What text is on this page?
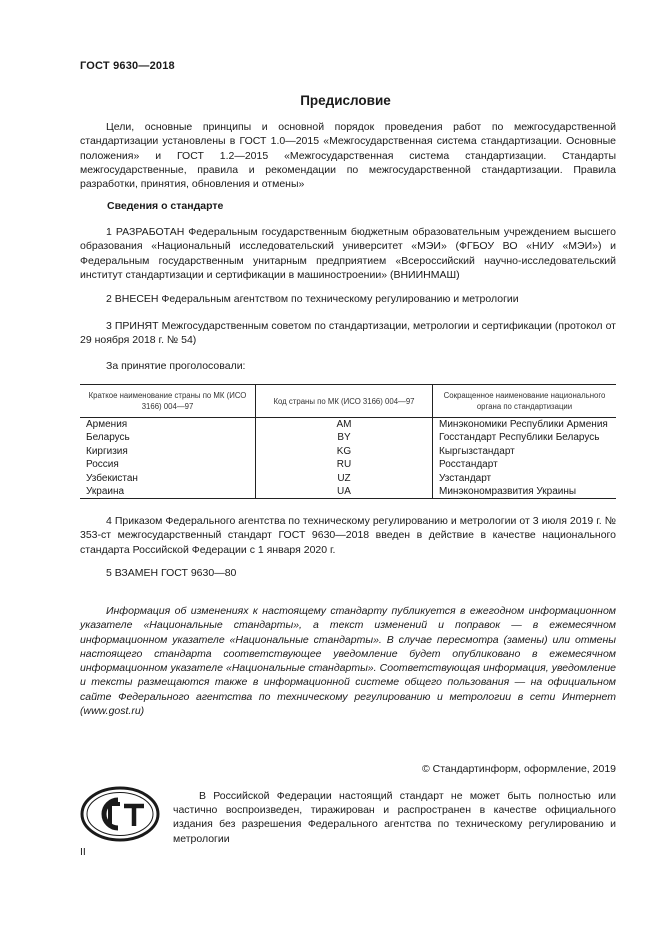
ГОСТ 9630—2018
Предисловие
Цели, основные принципы и основной порядок проведения работ по межгосударственной стандартизации установлены в ГОСТ 1.0—2015 «Межгосударственная система стандартизации. Основные положения» и ГОСТ 1.2—2015 «Межгосударственная система стандартизации. Стандарты межгосударственные, правила и рекомендации по межгосударственной стандартизации. Правила разработки, принятия, обновления и отмены»
Сведения о стандарте
1 РАЗРАБОТАН Федеральным государственным бюджетным образовательным учреждением высшего образования «Национальный исследовательский университет «МЭИ» (ФГБОУ ВО «НИУ «МЭИ») и Федеральным государственным унитарным предприятием «Всероссийский научно-исследовательский институт стандартизации и сертификации в машиностроении» (ВНИИНМАШ)
2 ВНЕСЕН Федеральным агентством по техническому регулированию и метрологии
3 ПРИНЯТ Межгосударственным советом по стандартизации, метрологии и сертификации (протокол от 29 ноября 2018 г. № 54)
За принятие проголосовали:
Краткое наименование страны по МК (ИСО 3166) 004—97	Код страны по МК (ИСО 3166) 004—97	Сокращенное наименование национального органа по стандартизации
Армения	AM	Минэкономики Республики Армения
Беларусь	BY	Госстандарт Республики Беларусь
Киргизия	KG	Кыргызстандарт
Россия	RU	Росстандарт
Узбекистан	UZ	Узстандарт
Украина	UA	Минэкономразвития Украины
4 Приказом Федерального агентства по техническому регулированию и метрологии от 3 июля 2019 г. № 353-ст межгосударственный стандарт ГОСТ 9630—2018 введен в действие в качестве национального стандарта Российской Федерации с 1 января 2020 г.
5 ВЗАМЕН ГОСТ 9630—80
Информация об изменениях к настоящему стандарту публикуется в ежегодном информационном указателе «Национальные стандарты», а текст изменений и поправок — в ежемесячном информационном указателе «Национальные стандарты». В случае пересмотра (замены) или отмены настоящего стандарта соответствующее уведомление будет опубликовано в ежемесячном информационном указателе «Национальные стандарты». Соответствующая информация, уведомление и тексты размещаются также в информационной системе общего пользования — на официальном сайте Федерального агентства по техническому регулированию и метрологии в сети Интернет (www.gost.ru)
© Стандартинформ, оформление, 2019
В Российской Федерации настоящий стандарт не может быть полностью или частично воспроизведен, тиражирован и распространен в качестве официального издания без разрешения Федерального агентства по техническому регулированию и метрологии
II
